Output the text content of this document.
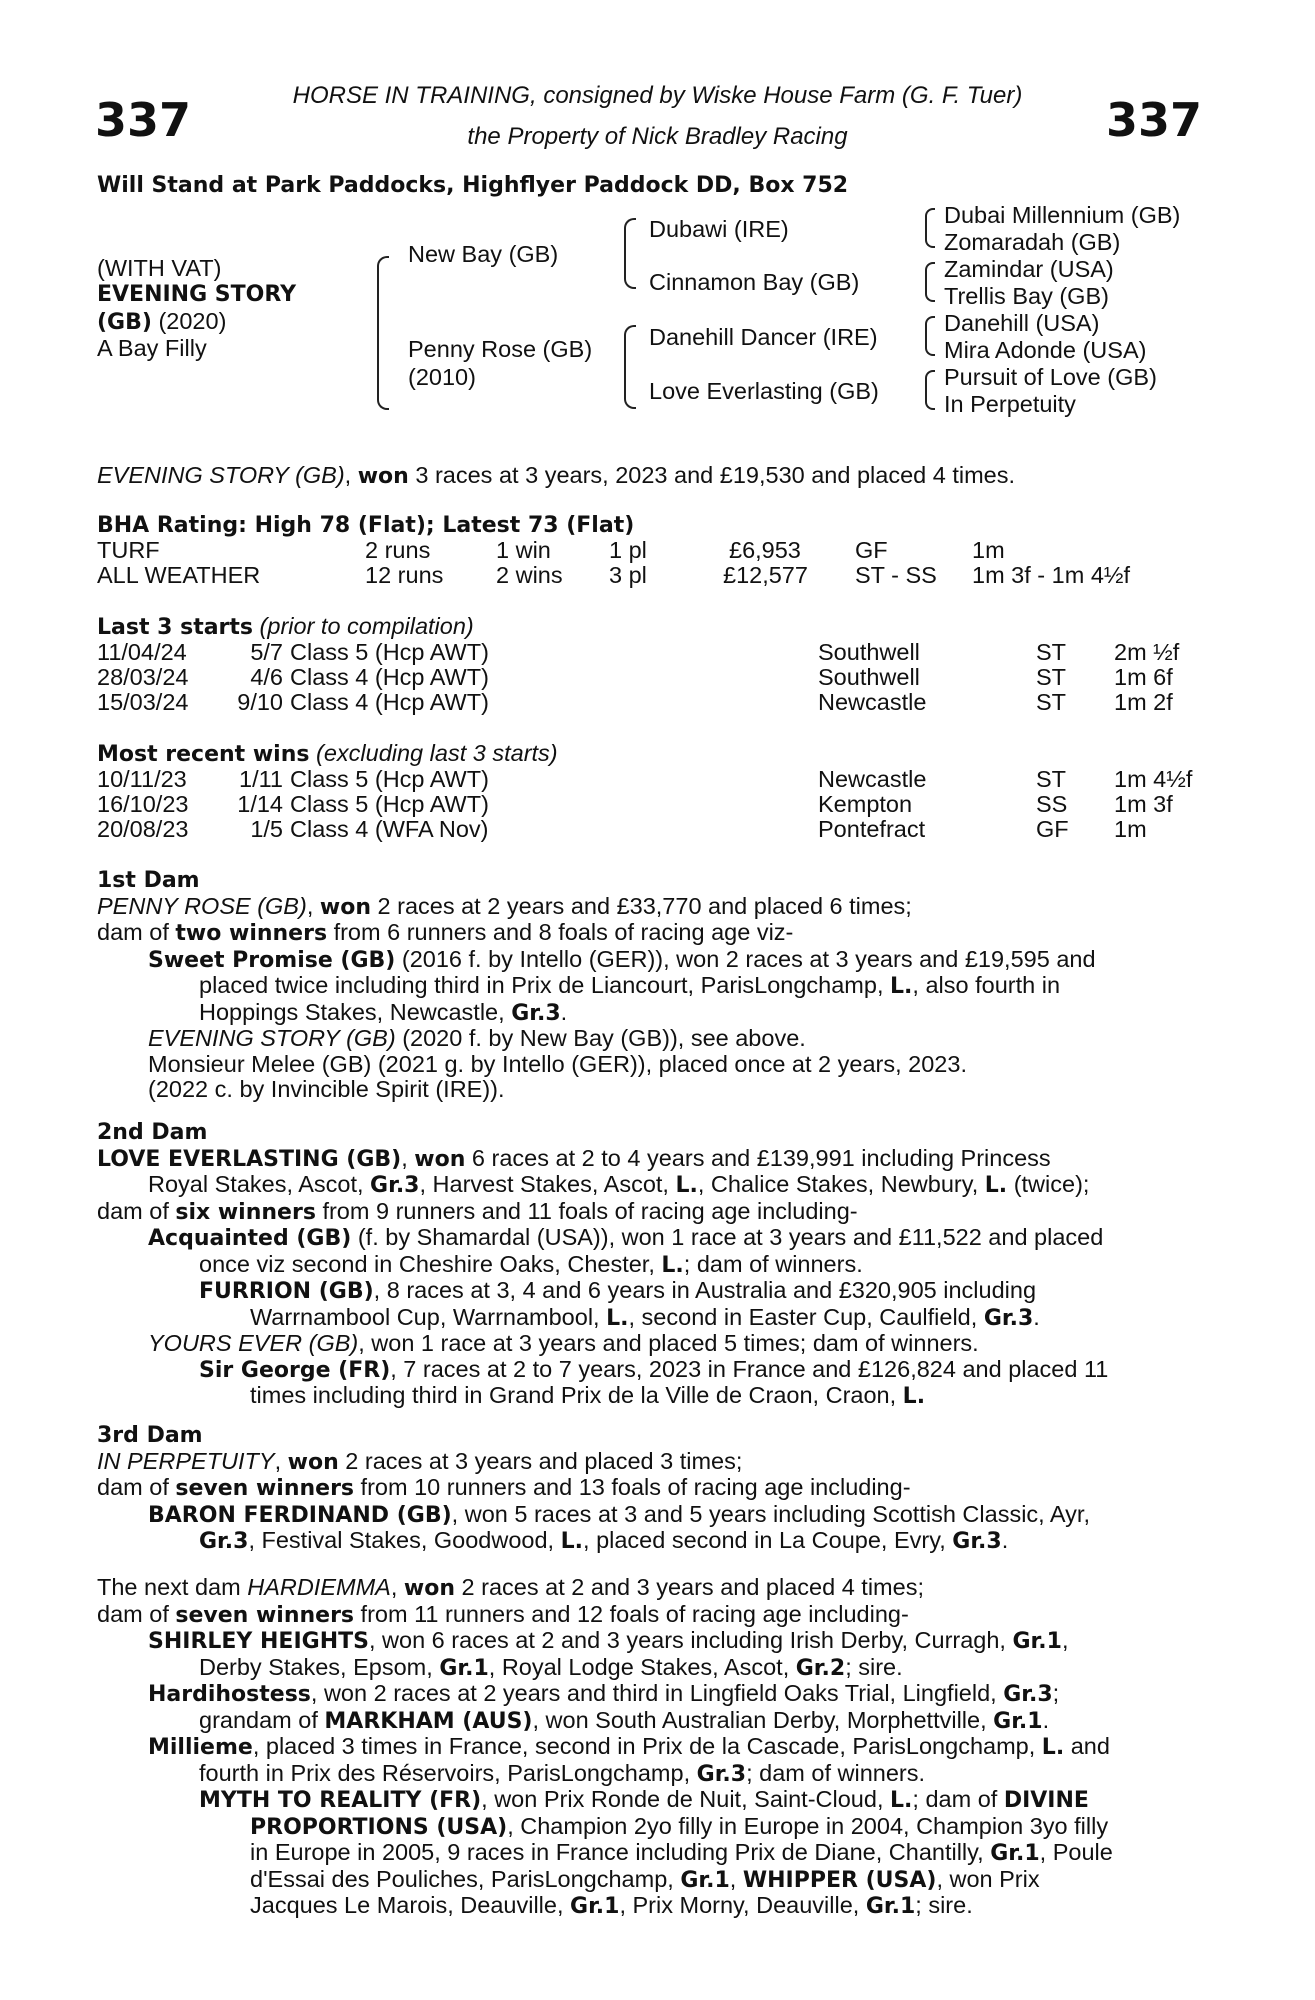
337	337
HORSE IN TRAINING, consigned by Wiske House Farm (G. F. Tuer)
the Property of Nick Bradley Racing
Will Stand at Park Paddocks, Highflyer Paddock DD, Box 752
(WITH VAT)
EVENING STORY
(GB) (2020)
A Bay Filly
New Bay (GB)
Penny Rose (GB)
(2010)
Dubawi (IRE)
Cinnamon Bay (GB)
Danehill Dancer (IRE)
Love Everlasting (GB)
Dubai Millennium (GB)
Zomaradah (GB)
Zamindar (USA)
Trellis Bay (GB)
Danehill (USA)
Mira Adonde (USA)
Pursuit of Love (GB)
In Perpetuity
EVENING STORY (GB), won 3 races at 3 years, 2023 and £19,530 and placed 4 times.
BHA Rating: High 78 (Flat); Latest 73 (Flat)
TURF	2 runs	1 win 1 pl	£6,953 GF	1m
ALL WEATHER	12 runs 2 wins 3 pl	£12,577 ST - SS 1m 3f - 1m 4½f
Last 3 starts (prior to compilation)
11/04/24	5/7 Class 5 (Hcp AWT)	Southwell	ST 2m ½f
28/03/24	4/6 Class 4 (Hcp AWT)	Southwell	ST 1m 6f
15/03/24	9/10 Class 4 (Hcp AWT)	Newcastle	ST 1m 2f
Most recent wins (excluding last 3 starts)
10/11/23	1/11 Class 5 (Hcp AWT)	Newcastle	ST 1m 4½f
16/10/23	1/14 Class 5 (Hcp AWT)	Kempton	SS 1m 3f
20/08/23	1/5 Class 4 (WFA Nov)	Pontefract	GF 1m
1st Dam
PENNY ROSE (GB), won 2 races at 2 years and £33,770 and placed 6 times;
dam of two winners from 6 runners and 8 foals of racing age viz-
Sweet Promise (GB) (2016 f. by Intello (GER)), won 2 races at 3 years and £19,595 and
placed twice including third in Prix de Liancourt, ParisLongchamp, L., also fourth in
Hoppings Stakes, Newcastle, Gr.3.
EVENING STORY (GB) (2020 f. by New Bay (GB)), see above.
Monsieur Melee (GB) (2021 g. by Intello (GER)), placed once at 2 years, 2023.
(2022 c. by Invincible Spirit (IRE)).
2nd Dam
LOVE EVERLASTING (GB), won 6 races at 2 to 4 years and £139,991 including Princess
Royal Stakes, Ascot, Gr.3, Harvest Stakes, Ascot, L., Chalice Stakes, Newbury, L. (twice);
dam of six winners from 9 runners and 11 foals of racing age including-
Acquainted (GB) (f. by Shamardal (USA)), won 1 race at 3 years and £11,522 and placed
once viz second in Cheshire Oaks, Chester, L.; dam of winners.
FURRION (GB), 8 races at 3, 4 and 6 years in Australia and £320,905 including
Warrnambool Cup, Warrnambool, L., second in Easter Cup, Caulfield, Gr.3.
YOURS EVER (GB), won 1 race at 3 years and placed 5 times; dam of winners.
Sir George (FR), 7 races at 2 to 7 years, 2023 in France and £126,824 and placed 11
times including third in Grand Prix de la Ville de Craon, Craon, L.
3rd Dam
IN PERPETUITY, won 2 races at 3 years and placed 3 times;
dam of seven winners from 10 runners and 13 foals of racing age including-
BARON FERDINAND (GB), won 5 races at 3 and 5 years including Scottish Classic, Ayr,
Gr.3, Festival Stakes, Goodwood, L., placed second in La Coupe, Evry, Gr.3.
The next dam HARDIEMMA, won 2 races at 2 and 3 years and placed 4 times;
dam of seven winners from 11 runners and 12 foals of racing age including-
SHIRLEY HEIGHTS, won 6 races at 2 and 3 years including Irish Derby, Curragh, Gr.1,
Derby Stakes, Epsom, Gr.1, Royal Lodge Stakes, Ascot, Gr.2; sire.
Hardihostess, won 2 races at 2 years and third in Lingfield Oaks Trial, Lingfield, Gr.3;
grandam of MARKHAM (AUS), won South Australian Derby, Morphettville, Gr.1.
Millieme, placed 3 times in France, second in Prix de la Cascade, ParisLongchamp, L. and
fourth in Prix des Réservoirs, ParisLongchamp, Gr.3; dam of winners.
MYTH TO REALITY (FR), won Prix Ronde de Nuit, Saint-Cloud, L.; dam of DIVINE
PROPORTIONS (USA), Champion 2yo filly in Europe in 2004, Champion 3yo filly
in Europe in 2005, 9 races in France including Prix de Diane, Chantilly, Gr.1, Poule
d'Essai des Pouliches, ParisLongchamp, Gr.1, WHIPPER (USA), won Prix
Jacques Le Marois, Deauville, Gr.1, Prix Morny, Deauville, Gr.1; sire.
